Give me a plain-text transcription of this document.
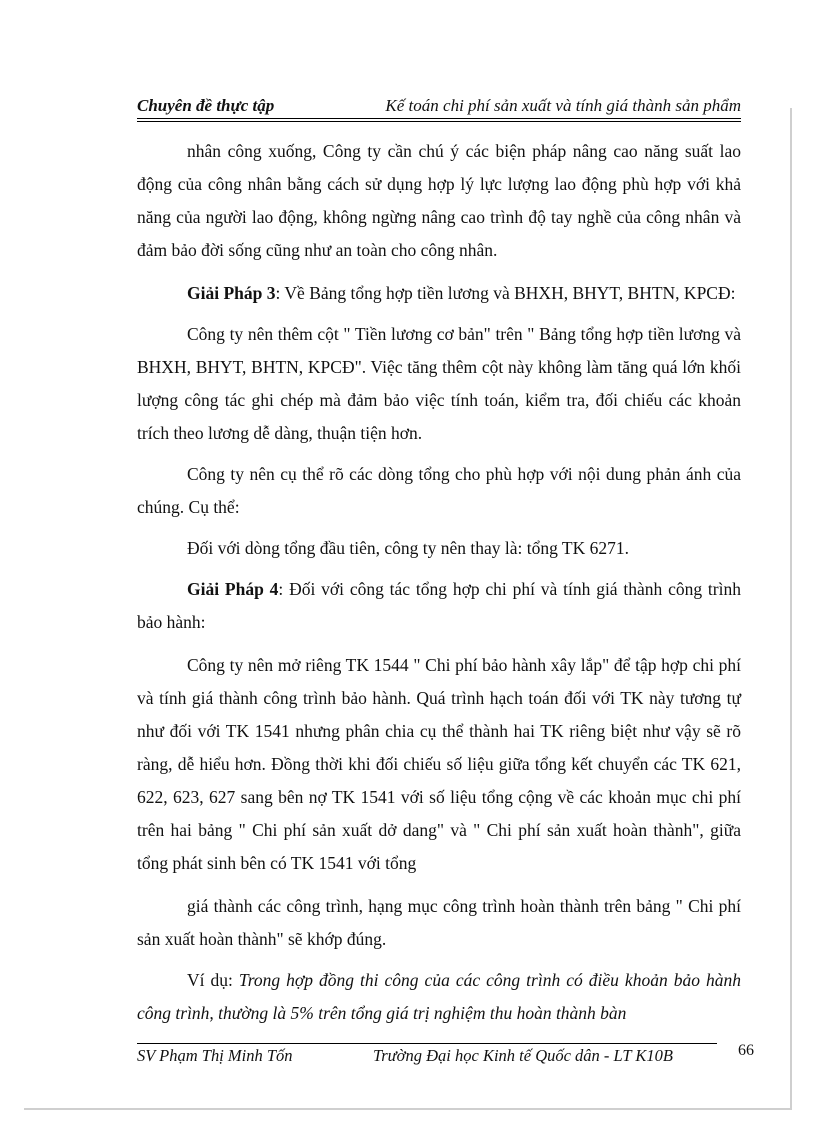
Chuyên đề thực tập	Kế toán chi phí sản xuất và tính giá thành sản phẩm

nhân công xuống, Công ty cần chú ý các biện pháp nâng cao năng suất lao động của công nhân bằng cách sử dụng hợp lý lực lượng lao động phù hợp với khả năng của người lao động, không ngừng nâng cao trình độ tay nghề của công nhân và đảm bảo đời sống cũng như an toàn cho công nhân.

Giải Pháp 3: Về Bảng tổng hợp tiền lương và BHXH, BHYT, BHTN, KPCĐ:

Công ty nên thêm cột " Tiền lương cơ bản" trên " Bảng tổng hợp tiền lương và BHXH, BHYT, BHTN, KPCĐ". Việc tăng thêm cột này không làm tăng quá lớn khối lượng công tác ghi chép mà đảm bảo việc tính toán, kiểm tra, đối chiếu các khoản trích theo lương dễ dàng, thuận tiện hơn.

Công ty nên cụ thể rõ các dòng tổng cho phù hợp với nội dung phản ánh của chúng. Cụ thể:

Đối với dòng tổng đầu tiên, công ty nên thay là: tổng TK 6271.

Giải Pháp 4: Đối với công tác tổng hợp chi phí và tính giá thành công trình bảo hành:

Công ty nên mở riêng TK 1544 " Chi phí bảo hành xây lắp" để tập hợp chi phí và tính giá thành công trình bảo hành. Quá trình hạch toán đối với TK này tương tự như đối với TK 1541 nhưng phân chia cụ thể thành hai TK riêng biệt như vậy sẽ rõ ràng, dễ hiểu hơn. Đồng thời khi đối chiếu số liệu giữa tổng kết chuyển các TK 621, 622, 623, 627 sang bên nợ TK 1541 với số liệu tổng cộng về các khoản mục chi phí trên hai bảng " Chi phí sản xuất dở dang" và " Chi phí sản xuất hoàn thành", giữa tổng phát sinh bên có TK 1541 với tổng

giá thành các công trình, hạng mục công trình hoàn thành trên bảng " Chi phí sản xuất hoàn thành" sẽ khớp đúng.

Ví dụ: Trong hợp đồng thi công của các công trình có điều khoản bảo hành công trình, thường là 5% trên tổng giá trị nghiệm thu hoàn thành bàn

SV Phạm Thị Minh Tốn	Trường Đại học Kinh tế Quốc dân - LT K10B	66
